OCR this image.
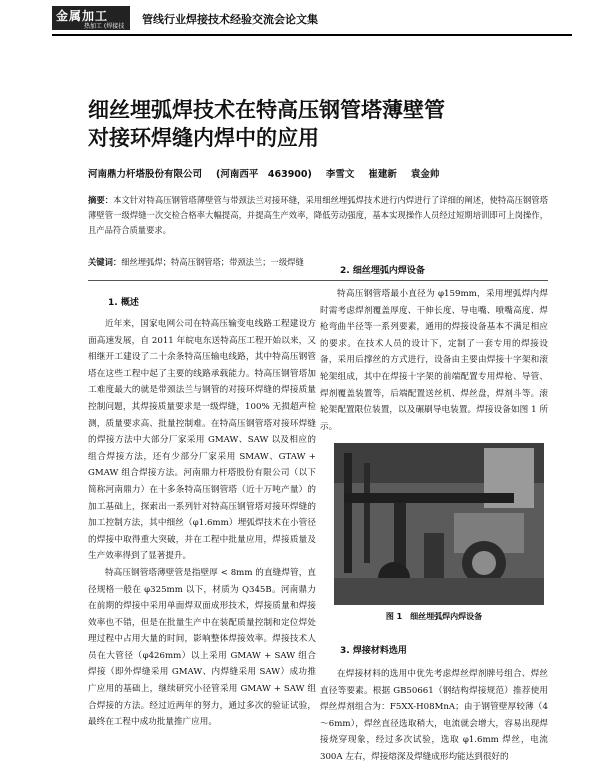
金属加工
热加工 (焊接技
管线行业焊接技术经验交流会论文集
细丝埋弧焊技术在特高压钢管塔薄壁管
对接环焊缝内焊中的应用
河南鼎力杆塔股份有限公司 (河南西平　463900) 李雪文 崔建新 袁金帅
摘要：本文针对特高压钢管塔薄壁管与带颈法兰对接环缝，采用细丝埋弧焊技术进行内焊进行了详细的阐述，使特高压钢管塔薄壁管一级焊缝一次交检合格率大幅提高，并提高生产效率，降低劳动强度，基本实现操作人员经过短期培训即可上岗操作，且产品符合质量要求。
关键词：细丝埋弧焊；特高压钢管塔；带颈法兰；一级焊缝

1. 概述

近年来，国家电网公司在特高压输变电线路工程建设方面高速发展，自 2011 年皖电东送特高压工程开始以来，又相继开工建设了二十余条特高压输电线路，其中特高压钢管塔在这些工程中起了主要的线路承载能力。特高压钢管塔加工难度最大的就是带颈法兰与钢管的对接环焊缝的焊接质量控制问题，其焊接质量要求是一级焊缝，100% 无损超声检测，质量要求高、批量控制难。在特高压钢管塔对接环焊缝的焊接方法中大部分厂家采用 GMAW、SAW 以及相应的组合焊接方法，还有少部分厂家采用 SMAW、GTAW + GMAW 组合焊接方法。河南鼎力杆塔股份有限公司（以下简称河南鼎力）在十多条特高压钢管塔（近十万吨产量）的加工基础上，探索出一系列针对特高压钢管塔对接环焊缝的加工控制方法，其中细丝（φ1.6mm）埋弧焊技术在小管径的焊接中取得重大突破，并在工程中批量应用，焊接质量及生产效率得到了显著提升。

特高压钢管塔薄壁管是指壁厚 < 8mm 的直缝焊管，直径规格一般在 φ325mm 以下，材质为 Q345B。河南鼎力在前期的焊接中采用单面焊双面成形技术，焊接质量和焊接效率也不错，但是在批量生产中在装配质量控制和定位焊处理过程中占用大量的时间，影响整体焊接效率。焊接技术人员在大管径（φ426mm）以上采用 GMAW + SAW 组合焊接（即外焊缝采用 GMAW、内焊缝采用 SAW）成功推广应用的基础上，继续研究小径管采用 GMAW + SAW 组合焊接的方法。经过近两年的努力，通过多次的验证试验，最终在工程中成功批量推广应用。

2. 细丝埋弧内焊设备

特高压钢管塔最小直径为 φ159mm，采用埋弧焊内焊时需考虑焊剂覆盖厚度、干伸长度、导电嘴、喷嘴高度、焊枪弯曲半径等一系列要素，通用的焊接设备基本不满足相应的要求。在技术人员的设计下，定制了一套专用的焊接设备，采用后撑丝的方式进行，设备由主要由焊接十字架和滚轮架组成，其中在焊接十字架的前端配置专用焊枪、导管、焊剂覆盖装置等，后端配置送丝机、焊丝盘，焊剂斗等。滚轮架配置限位装置，以及碾刷导电装置。焊接设备如图 1 所示。

图 1　细丝埋弧焊内焊设备

3. 焊接材料选用

在焊接材料的选用中优先考虑焊丝焊剂牌号组合、焊丝直径等要素。根据 GB50661（钢结构焊接规范）推荐使用焊丝焊剂组合为：F5XX-H08MnA；由于钢管壁厚较薄（4～6mm），焊丝直径选取稍大，电流就会增大，容易出现焊接烧穿现象，经过多次试验，选取 φ1.6mm 焊丝，电流 300A 左右，焊接熔深及焊缝成形均能达到很好的
